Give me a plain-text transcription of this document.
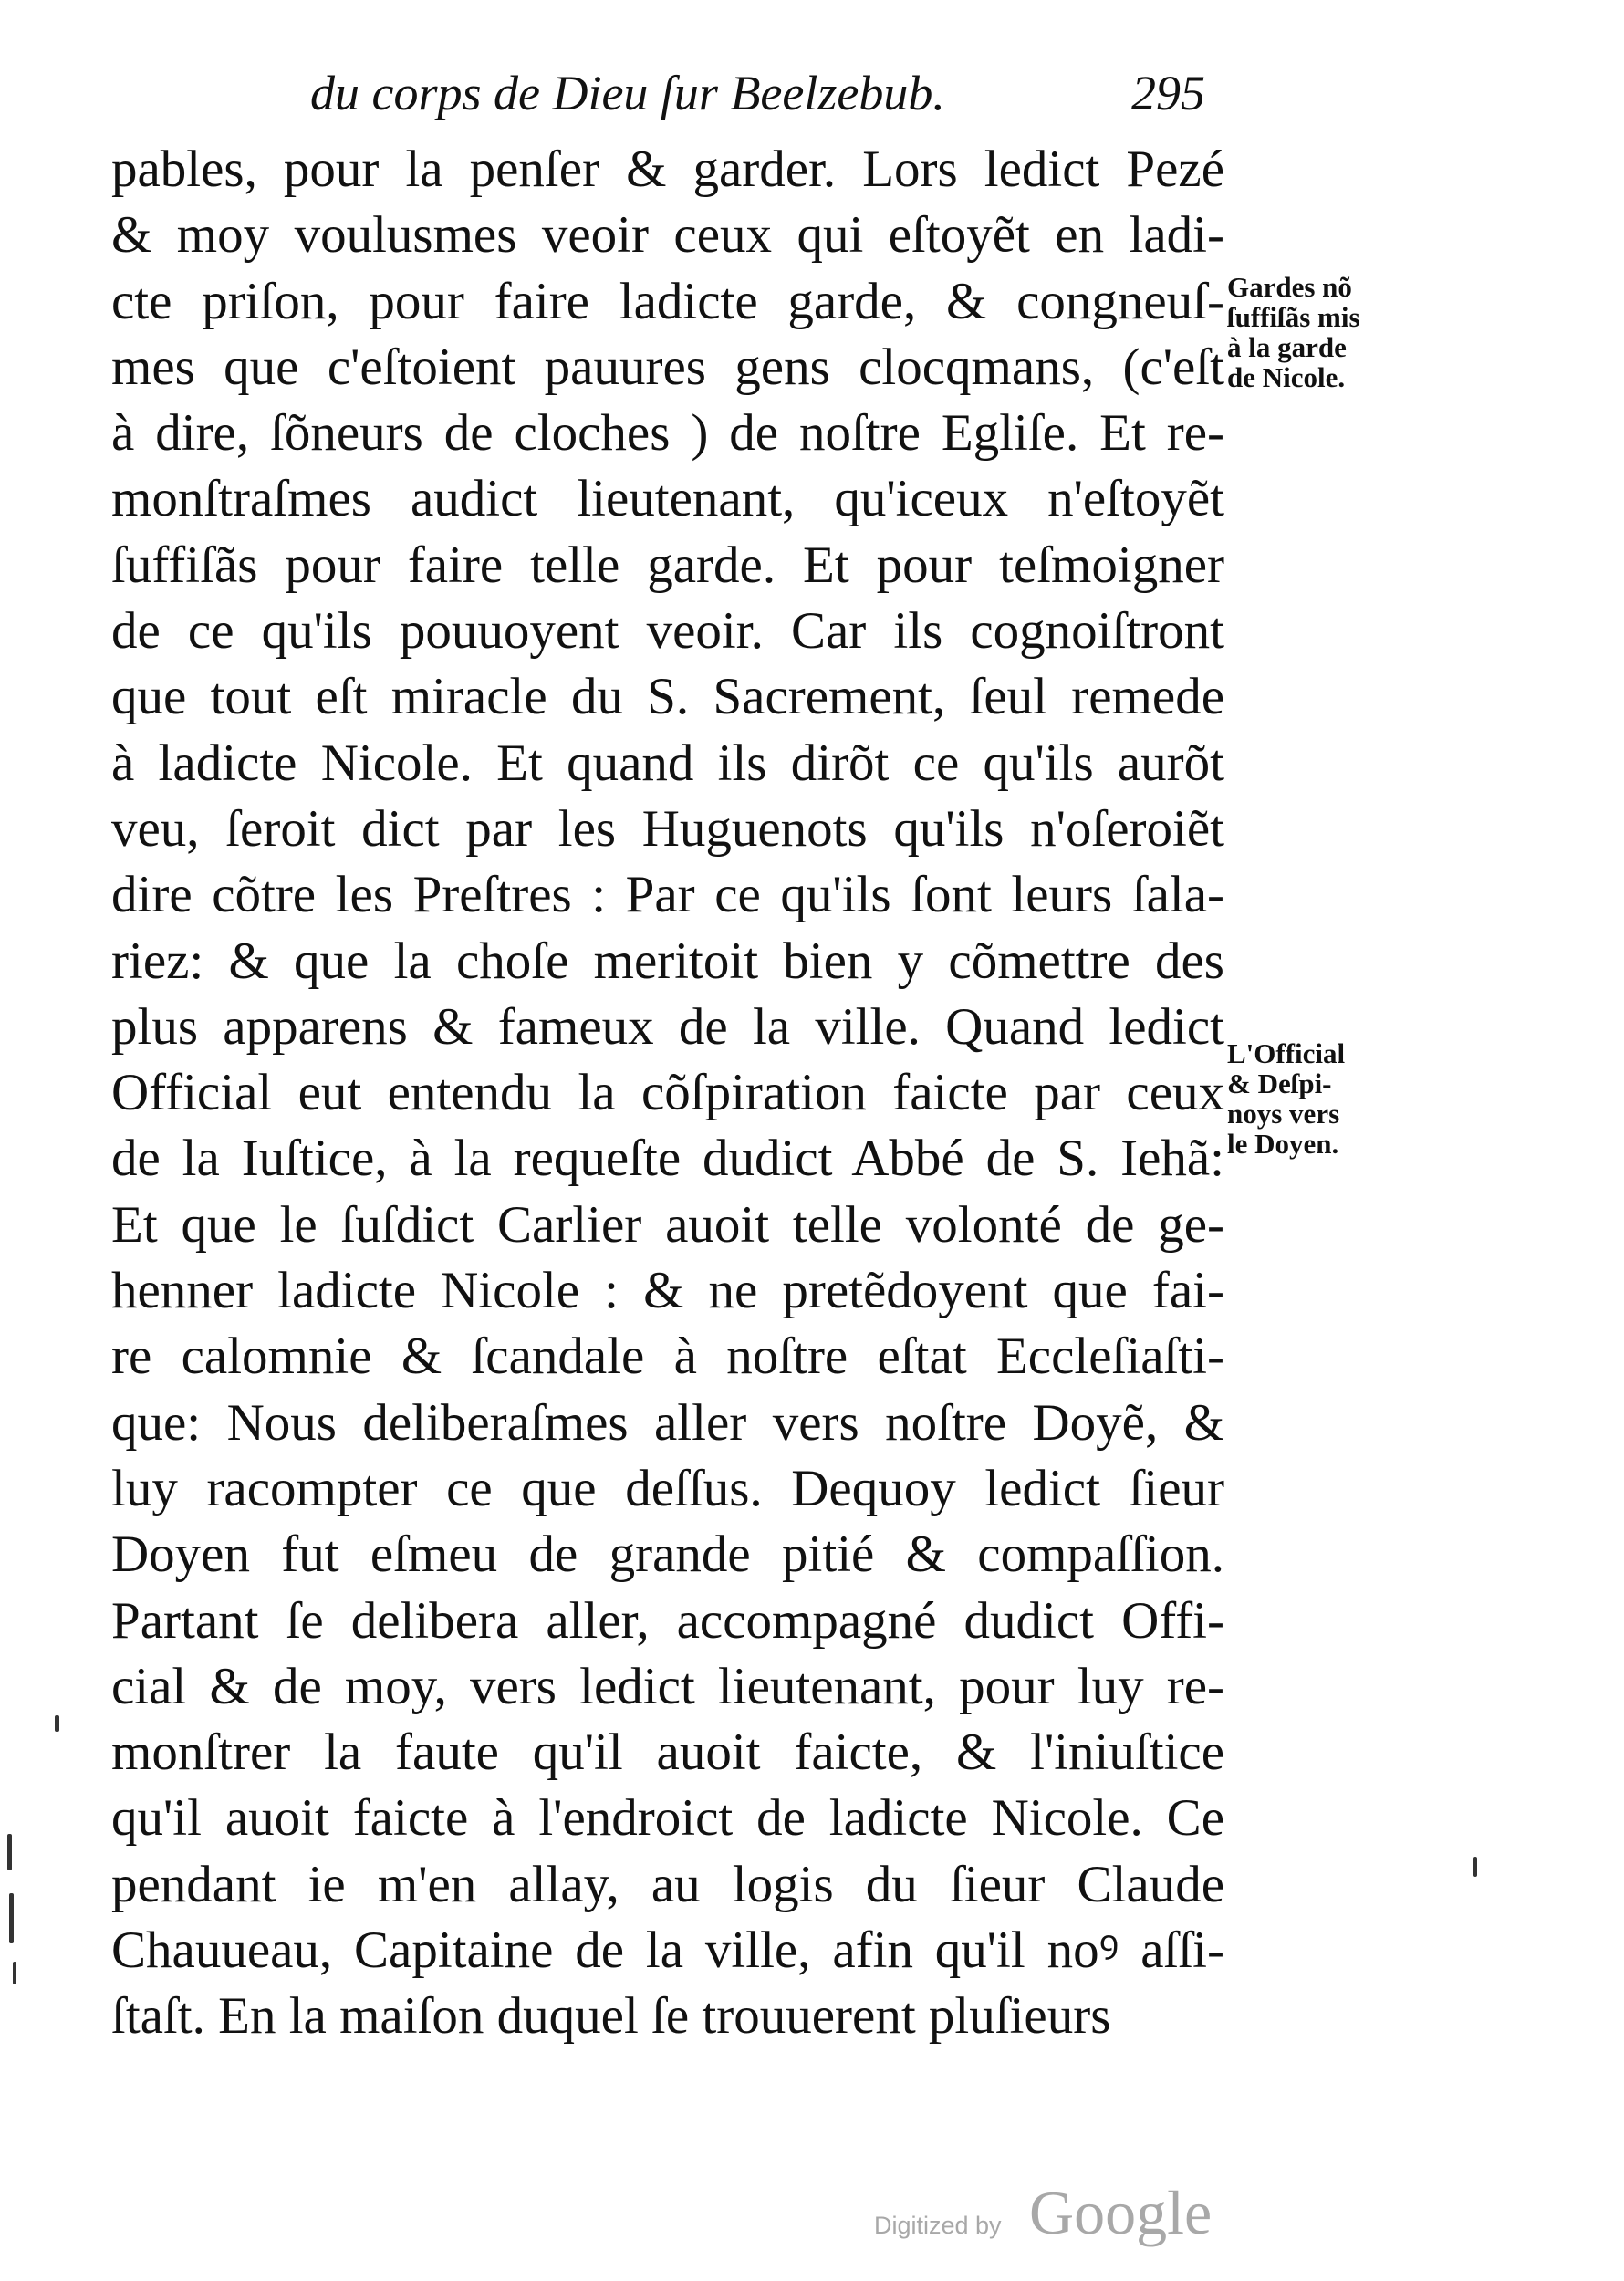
du corps de Dieu ſur Beelzebub.	295
pables, pour la penſer & garder. Lors ledict Pezé
& moy voulusmes veoir ceux qui eſtoyẽt en ladi-
cte priſon, pour faire ladicte garde, & congneuſ-
mes que c'eſtoient pauures gens clocqmans, (c'eſt
à dire, ſõneurs de cloches ) de noſtre Egliſe. Et re-
monſtraſmes audict lieutenant, qu'iceux n'eſtoyẽt
ſuffiſãs pour faire telle garde. Et pour teſmoigner
de ce qu'ils pouuoyent veoir. Car ils cognoiſtront
que tout eſt miracle du S. Sacrement, ſeul remede
à ladicte Nicole. Et quand ils dirõt ce qu'ils aurõt
veu, ſeroit dict par les Huguenots qu'ils n'oſeroiẽt
dire cõtre les Preſtres : Par ce qu'ils ſont leurs ſala-
riez: & que la choſe meritoit bien y cõmettre des
plus apparens & fameux de la ville. Quand ledict
Official eut entendu la cõſpiration faicte par ceux
de la Iuſtice, à la requeſte dudict Abbé de S. Iehã:
Et que le ſuſdict Carlier auoit telle volonté de ge-
henner ladicte Nicole : & ne pretẽdoyent que fai-
re calomnie & ſcandale à noſtre eſtat Eccleſiaſti-
que: Nous deliberaſmes aller vers noſtre Doyẽ, &
luy racompter ce que deſſus. Dequoy ledict ſieur
Doyen fut eſmeu de grande pitié & compaſſion.
Partant ſe delibera aller, accompagné dudict Offi-
cial & de moy, vers ledict lieutenant, pour luy re-
monſtrer la faute qu'il auoit faicte, & l'iniuſtice
qu'il auoit faicte à l'endroict de ladicte Nicole. Ce
pendant ie m'en allay, au logis du ſieur Claude
Chauueau, Capitaine de la ville, afin qu'il noꝰ aſſi-
ſtaſt. En la maiſon duquel ſe trouuerent pluſieurs
Gardes nõ
ſuffiſãs mis
à la garde
de Nicole.
L'Official
& Deſpi-
noys vers
le Doyen.
Digitized by Google
